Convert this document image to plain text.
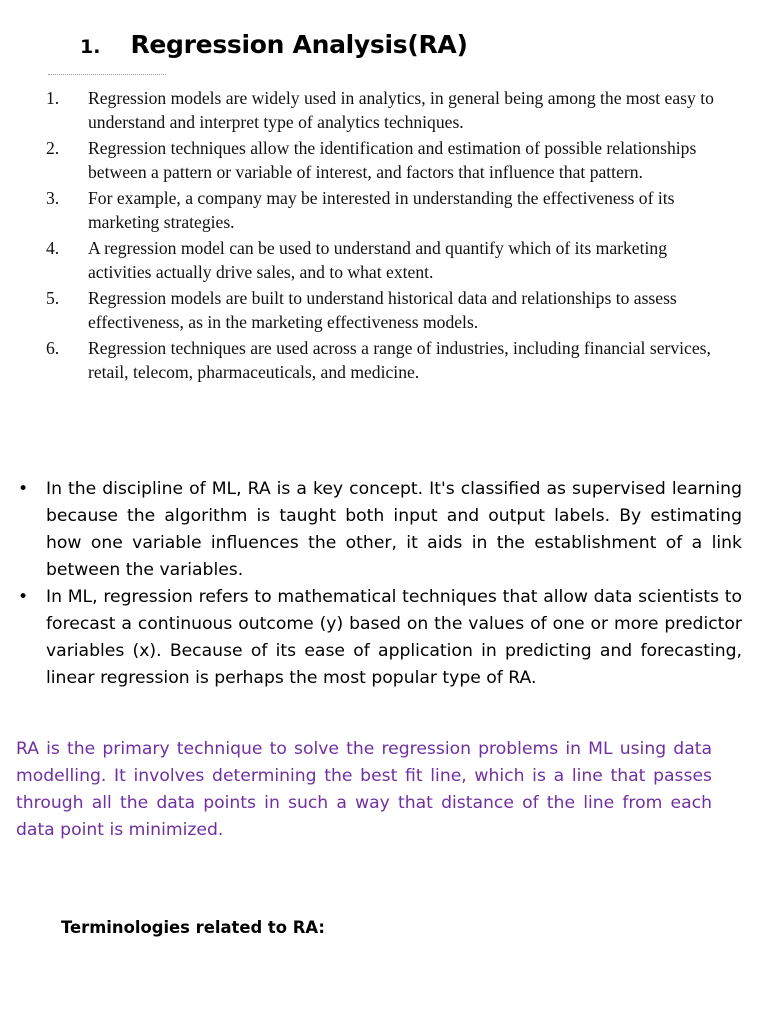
1. Regression Analysis(RA)
1.	Regression models are widely used in analytics, in general being among the most easy to understand and interpret type of analytics techniques.
2.	Regression techniques allow the identification and estimation of possible relationships between a pattern or variable of interest, and factors that influence that pattern.
3.	For example, a company may be interested in understanding the effectiveness of its marketing strategies.
4.	A regression model can be used to understand and quantify which of its marketing activities actually drive sales, and to what extent.
5.	Regression models are built to understand historical data and relationships to assess effectiveness, as in the marketing effectiveness models.
6.	Regression techniques are used across a range of industries, including financial services, retail, telecom, pharmaceuticals, and medicine.
•	In the discipline of ML, RA is a key concept. It's classified as supervised learning because the algorithm is taught both input and output labels. By estimating how one variable influences the other, it aids in the establishment of a link between the variables.
•	In ML, regression refers to mathematical techniques that allow data scientists to forecast a continuous outcome (y) based on the values of one or more predictor variables (x). Because of its ease of application in predicting and forecasting, linear regression is perhaps the most popular type of RA.
RA is the primary technique to solve the regression problems in ML using data modelling. It involves determining the best fit line, which is a line that passes through all the data points in such a way that distance of the line from each data point is minimized.
Terminologies related to RA:
